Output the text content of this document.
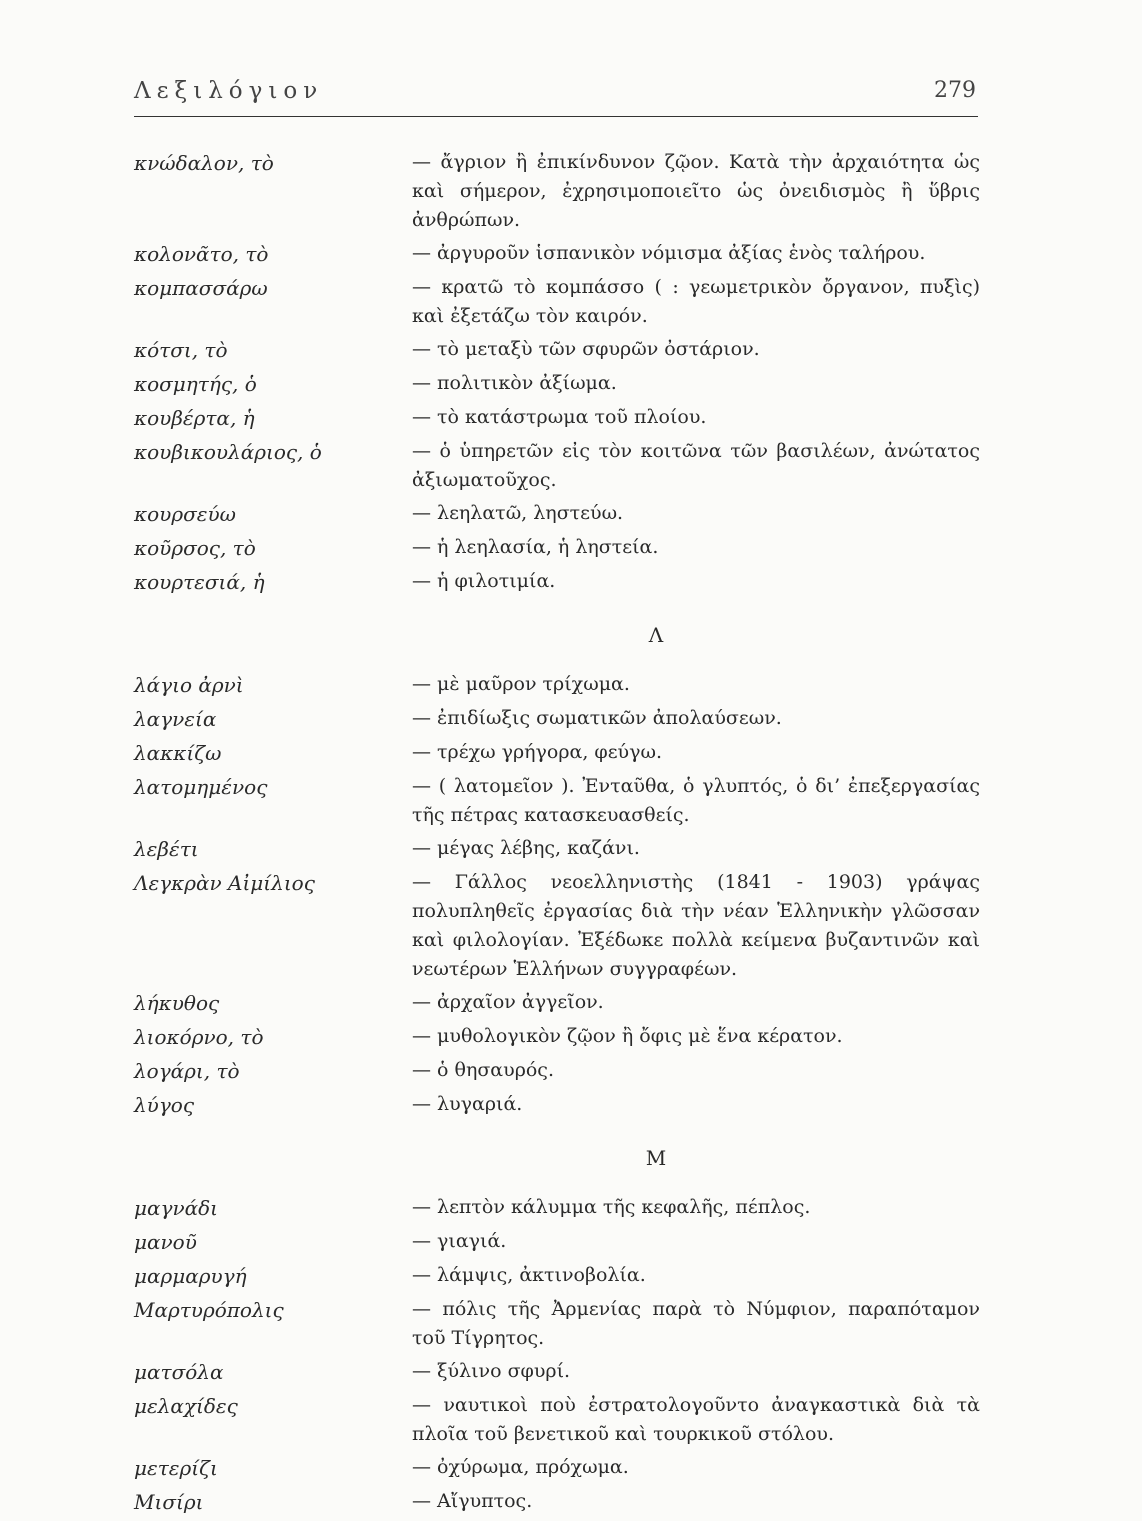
Λεξιλόγιον	279
κνώδαλον, τὸ	— ἄγριον ἢ ἐπικίνδυνον ζῷον. Κατὰ τὴν ἀρχαιότητα ὡς καὶ σήμερον, ἐχρησιμοποιεῖτο ὡς ὀνειδισμὸς ἢ ὕβρις ἀνθρώπων.
κολονᾶτο, τὸ	— ἀργυροῦν ἱσπανικὸν νόμισμα ἀξίας ἑνὸς ταλήρου.
κομπασσάρω	— κρατῶ τὸ κομπάσσο ( : γεωμετρικὸν ὄργανον, πυξὶς) καὶ ἐξετάζω τὸν καιρόν.
κότσι, τὸ	— τὸ μεταξὺ τῶν σφυρῶν ὀστάριον.
κοσμητής, ὁ	— πολιτικὸν ἀξίωμα.
κουβέρτα, ἡ	— τὸ κατάστρωμα τοῦ πλοίου.
κουβικουλάριος, ὁ	— ὁ ὑπηρετῶν εἰς τὸν κοιτῶνα τῶν βασιλέων, ἀνώτατος ἀξιωματοῦχος.
κουρσεύω	— λεηλατῶ, ληστεύω.
κοῦρσος, τὸ	— ἡ λεηλασία, ἡ ληστεία.
κουρτεσιά, ἡ	— ἡ φιλοτιμία.
Λ
λάγιο ἀρνὶ	— μὲ μαῦρον τρίχωμα.
λαγνεία	— ἐπιδίωξις σωματικῶν ἀπολαύσεων.
λακκίζω	— τρέχω γρήγορα, φεύγω.
λατομημένος	— ( λατομεῖον ). Ἐνταῦθα, ὁ γλυπτός, ὁ δι’ ἐπεξεργασίας τῆς πέτρας κατασκευασθείς.
λεβέτι	— μέγας λέβης, καζάνι.
Λεγκρὰν Αἰμίλιος	— Γάλλος νεοελληνιστὴς (1841 - 1903) γράψας πολυπληθεῖς ἐργασίας διὰ τὴν νέαν Ἑλληνικὴν γλῶσσαν καὶ φιλολογίαν. Ἐξέδωκε πολλὰ κείμενα βυζαντινῶν καὶ νεωτέρων Ἑλλήνων συγγραφέων.
λήκυθος	— ἀρχαῖον ἀγγεῖον.
λιοκόρνο, τὸ	— μυθολογικὸν ζῷον ἢ ὄφις μὲ ἕνα κέρατον.
λογάρι, τὸ	— ὁ θησαυρός.
λύγος	— λυγαριά.
Μ
μαγνάδι	— λεπτὸν κάλυμμα τῆς κεφαλῆς, πέπλος.
μανοῦ	— γιαγιά.
μαρμαρυγή	— λάμψις, ἀκτινοβολία.
Μαρτυρόπολις	— πόλις τῆς Ἀρμενίας παρὰ τὸ Νύμφιον, παραπόταμον τοῦ Τίγρητος.
ματσόλα	— ξύλινο σφυρί.
μελαχίδες	— ναυτικοὶ ποὺ ἐστρατολογοῦντο ἀναγκαστικὰ διὰ τὰ πλοῖα τοῦ βενετικοῦ καὶ τουρκικοῦ στόλου.
μετερίζι	— ὀχύρωμα, πρόχωμα.
Μισίρι	— Αἴγυπτος.
